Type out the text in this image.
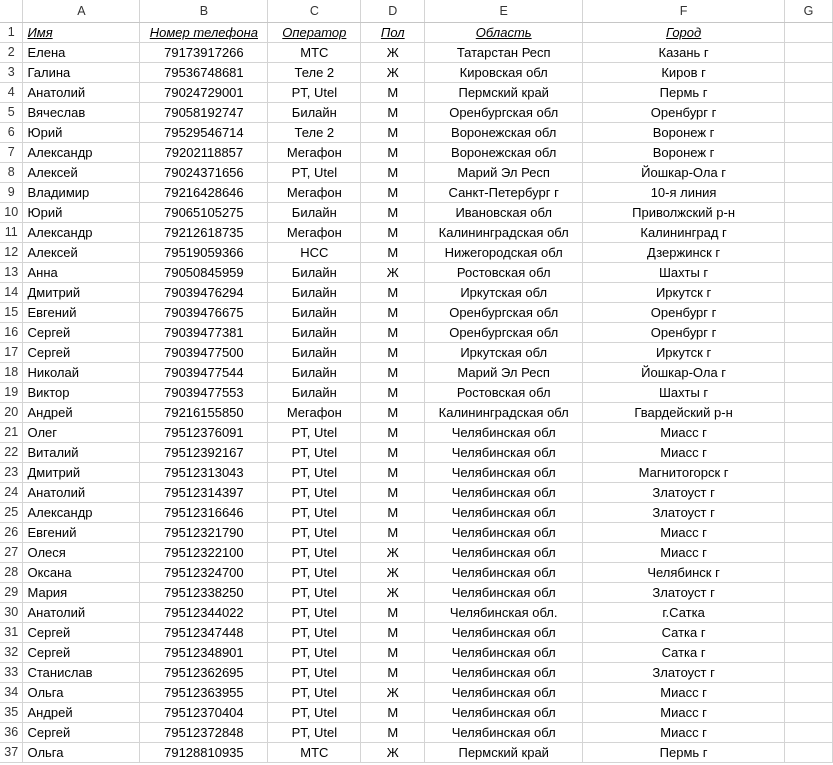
	A	B	C	D	E	F	G
1	Имя	Номер телефона	Оператор	Пол	Область	Город	
2	Елена	79173917266	МТС	Ж	Татарстан Респ	Казань г	
3	Галина	79536748681	Теле 2	Ж	Кировская обл	Киров г	
4	Анатолий	79024729001	PT, Utel	М	Пермский край	Пермь г	
5	Вячеслав	79058192747	Билайн	М	Оренбургская обл	Оренбург г	
6	Юрий	79529546714	Теле 2	М	Воронежская обл	Воронеж г	
7	Александр	79202118857	Мегафон	М	Воронежская обл	Воронеж г	
8	Алексей	79024371656	PT, Utel	М	Марий Эл Респ	Йошкар-Ола г	
9	Владимир	79216428646	Мегафон	М	Санкт-Петербург г	10-я линия	
10	Юрий	79065105275	Билайн	М	Ивановская обл	Приволжский р-н	
11	Александр	79212618735	Мегафон	М	Калининградская обл	Калининград г	
12	Алексей	79519059366	НСС	М	Нижегородская обл	Дзержинск г	
13	Анна	79050845959	Билайн	Ж	Ростовская обл	Шахты г	
14	Дмитрий	79039476294	Билайн	М	Иркутская обл	Иркутск г	
15	Евгений	79039476675	Билайн	М	Оренбургская обл	Оренбург г	
16	Сергей	79039477381	Билайн	М	Оренбургская обл	Оренбург г	
17	Сергей	79039477500	Билайн	М	Иркутская обл	Иркутск г	
18	Николай	79039477544	Билайн	М	Марий Эл Респ	Йошкар-Ола г	
19	Виктор	79039477553	Билайн	М	Ростовская обл	Шахты г	
20	Андрей	79216155850	Мегафон	М	Калининградская обл	Гвардейский р-н	
21	Олег	79512376091	PT, Utel	М	Челябинская обл	Миасс г	
22	Виталий	79512392167	PT, Utel	М	Челябинская обл	Миасс г	
23	Дмитрий	79512313043	PT, Utel	М	Челябинская обл	Магнитогорск г	
24	Анатолий	79512314397	PT, Utel	М	Челябинская обл	Златоуст г	
25	Александр	79512316646	PT, Utel	М	Челябинская обл	Златоуст г	
26	Евгений	79512321790	PT, Utel	М	Челябинская обл	Миасс г	
27	Олеся	79512322100	PT, Utel	Ж	Челябинская обл	Миасс г	
28	Оксана	79512324700	PT, Utel	Ж	Челябинская обл	Челябинск г	
29	Мария	79512338250	PT, Utel	Ж	Челябинская обл	Златоуст г	
30	Анатолий	79512344022	PT, Utel	М	Челябинская обл.	г.Сатка	
31	Сергей	79512347448	PT, Utel	М	Челябинская обл	Сатка г	
32	Сергей	79512348901	PT, Utel	М	Челябинская обл	Сатка г	
33	Станислав	79512362695	PT, Utel	М	Челябинская обл	Златоуст г	
34	Ольга	79512363955	PT, Utel	Ж	Челябинская обл	Миасс г	
35	Андрей	79512370404	PT, Utel	М	Челябинская обл	Миасс г	
36	Сергей	79512372848	PT, Utel	М	Челябинская обл	Миасс г	
37	Ольга	79128810935	МТС	Ж	Пермский край	Пермь г	
